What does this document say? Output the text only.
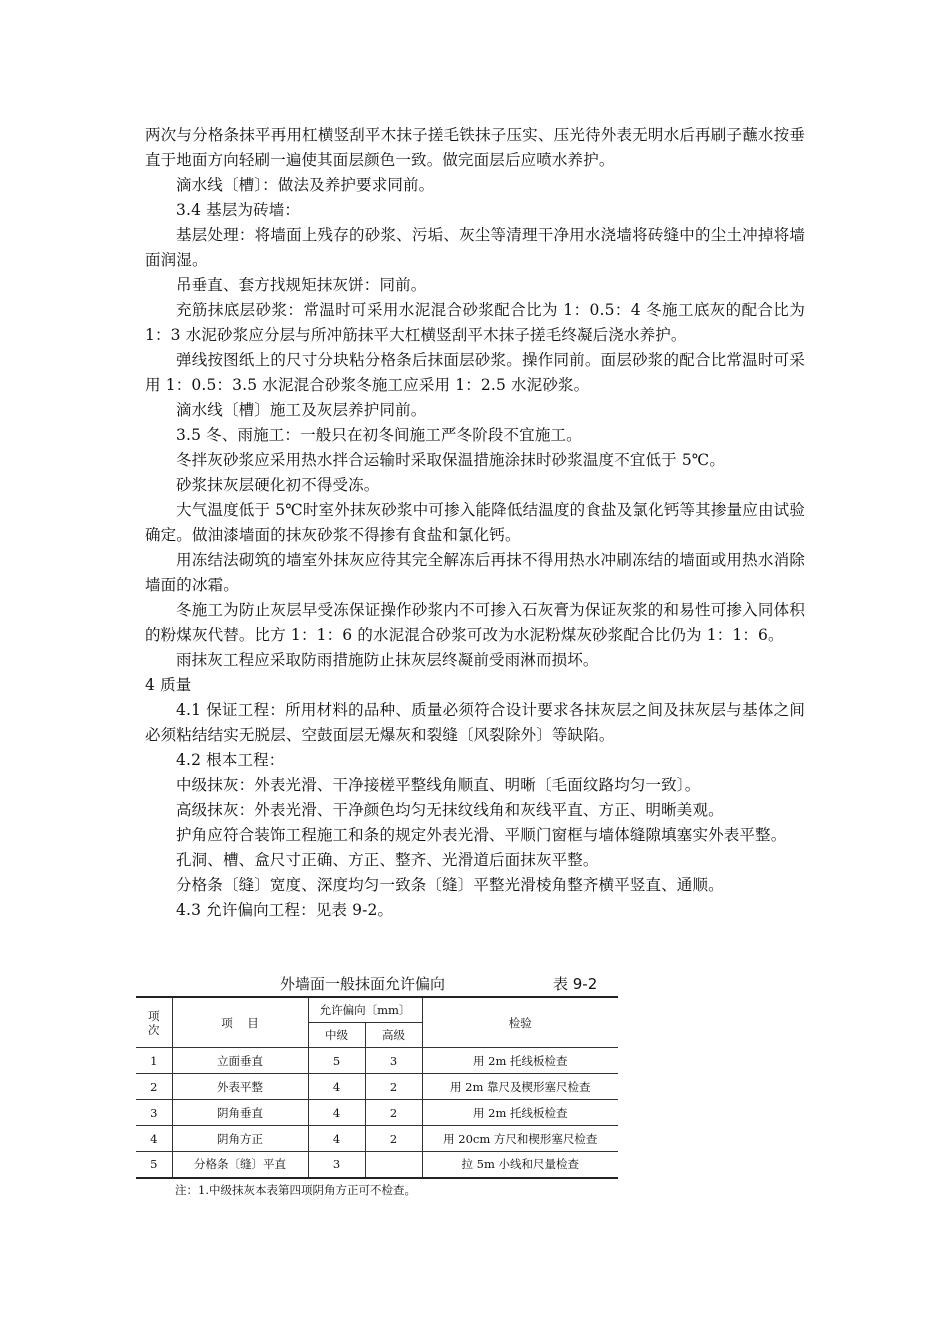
两次与分格条抹平再用杠横竖刮平木抹子搓毛铁抹子压实、压光待外表无明水后再刷子蘸水按垂直于地面方向轻刷一遍使其面层颜色一致。做完面层后应喷水养护。

滴水线〔槽〕：做法及养护要求同前。

3.4 基层为砖墙：

基层处理：将墙面上残存的砂浆、污垢、灰尘等清理干净用水浇墙将砖缝中的尘土冲掉将墙面润湿。

吊垂直、套方找规矩抹灰饼：同前。

充筋抹底层砂浆：常温时可采用水泥混合砂浆配合比为 1：0.5：4 冬施工底灰的配合比为 1：3 水泥砂浆应分层与所冲筋抹平大杠横竖刮平木抹子搓毛终凝后浇水养护。

弹线按图纸上的尺寸分块粘分格条后抹面层砂浆。操作同前。面层砂浆的配合比常温时可采用 1：0.5：3.5 水泥混合砂浆冬施工应采用 1：2.5 水泥砂浆。

滴水线〔槽〕施工及灰层养护同前。

3.5 冬、雨施工：一般只在初冬间施工严冬阶段不宜施工。

冬拌灰砂浆应采用热水拌合运输时采取保温措施涂抹时砂浆温度不宜低于 5℃。

砂浆抹灰层硬化初不得受冻。

大气温度低于 5℃时室外抹灰砂浆中可掺入能降低结温度的食盐及氯化钙等其掺量应由试验确定。做油漆墙面的抹灰砂浆不得掺有食盐和氯化钙。

用冻结法砌筑的墙室外抹灰应待其完全解冻后再抹不得用热水冲刷冻结的墙面或用热水消除墙面的冰霜。

冬施工为防止灰层早受冻保证操作砂浆内不可掺入石灰膏为保证灰浆的和易性可掺入同体积的粉煤灰代替。比方 1：1：6 的水泥混合砂浆可改为水泥粉煤灰砂浆配合比仍为 1：1：6。

雨抹灰工程应采取防雨措施防止抹灰层终凝前受雨淋而损坏。

4 质量

4.1 保证工程：所用材料的品种、质量必须符合设计要求各抹灰层之间及抹灰层与基体之间必须粘结结实无脱层、空鼓面层无爆灰和裂缝〔风裂除外〕等缺陷。

4.2 根本工程：

中级抹灰：外表光滑、干净接槎平整线角顺直、明晰〔毛面纹路均匀一致〕。

高级抹灰：外表光滑、干净颜色均匀无抹纹线角和灰线平直、方正、明晰美观。

护角应符合装饰工程施工和条的规定外表光滑、平顺门窗框与墙体缝隙填塞实外表平整。

孔洞、槽、盒尺寸正确、方正、整齐、光滑道后面抹灰平整。

分格条〔缝〕宽度、深度均匀一致条〔缝〕平整光滑棱角整齐横平竖直、通顺。

4.3 允许偏向工程：见表 9-2。

外墙面一般抹面允许偏向	表 9-2
项
次	项    目	允许偏向〔mm〕		检验
		中级	高级	
1	立面垂直	5	3	用 2m 托线板检查
2	外表平整	4	2	用 2m 靠尺及楔形塞尺检查
3	阴角垂直	4	2	用 2m 托线板检查
4	阴角方正	4	2	用 20cm 方尺和楔形塞尺检查
5	分格条〔缝〕平直	3		拉 5m 小线和尺量检查
注：1.中级抹灰本表第四项阴角方正可不检查。
